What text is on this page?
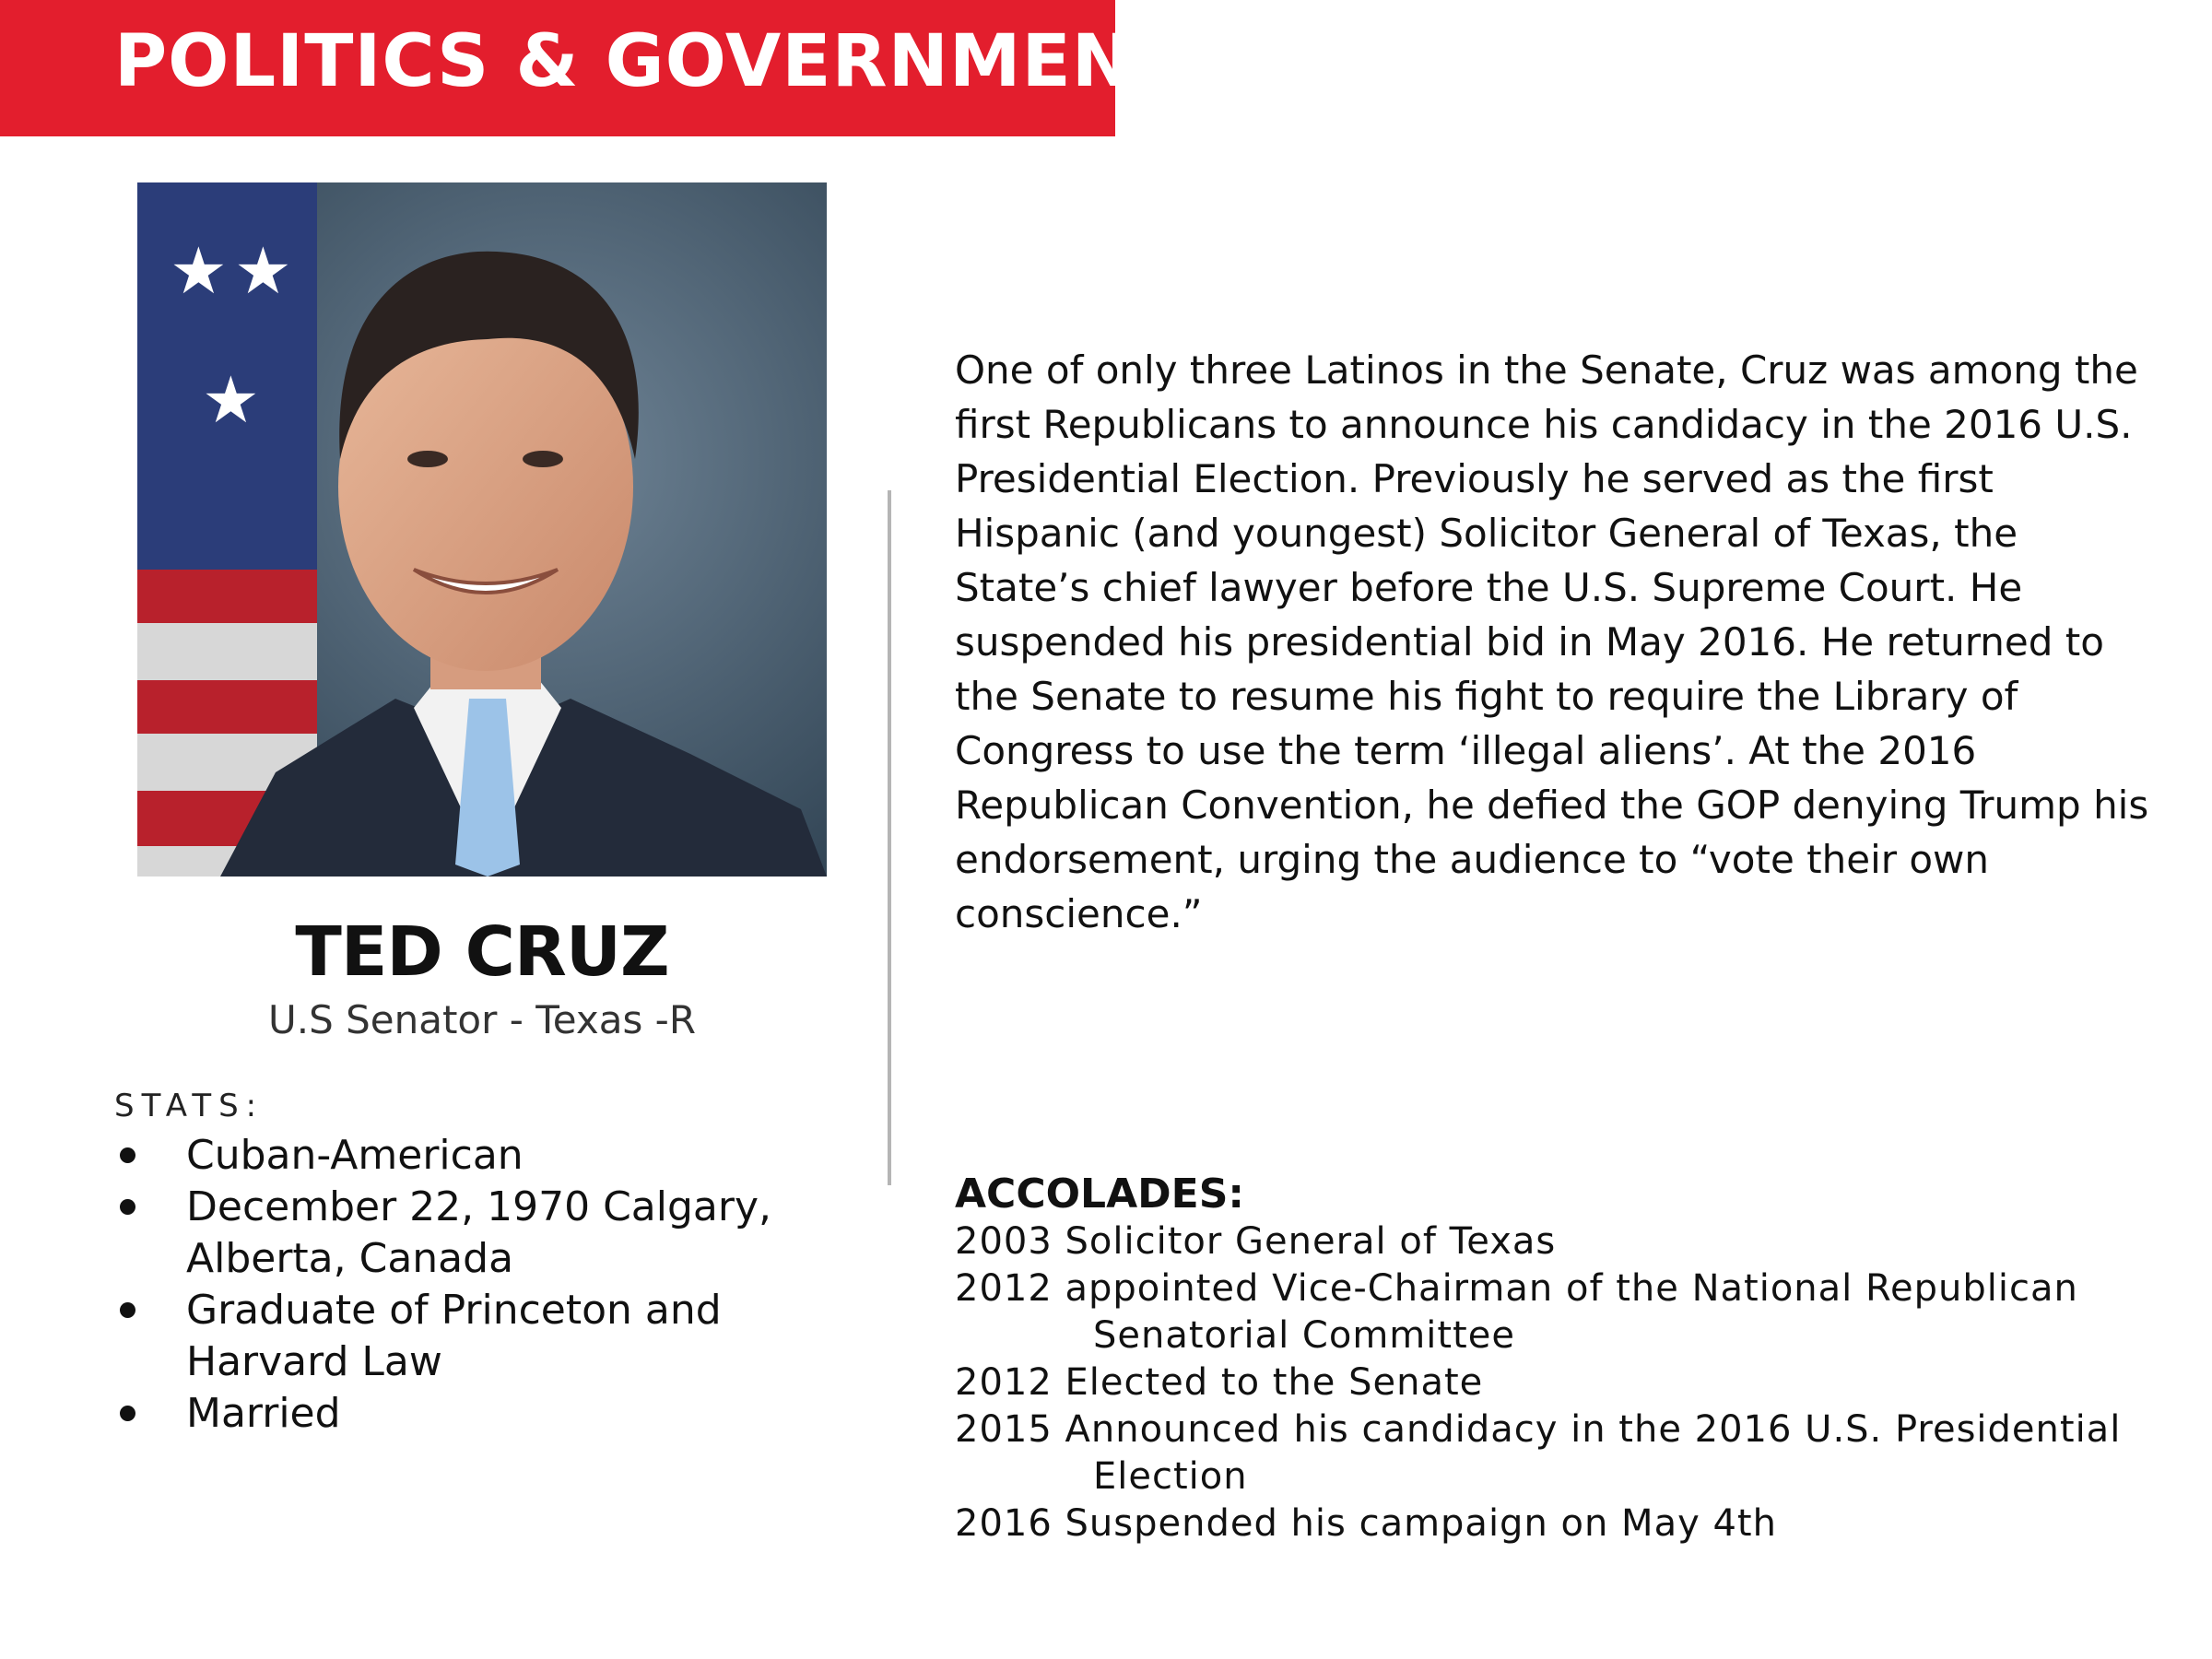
POLITICS & GOVERNMENT
★ ★
★
TED CRUZ
U.S Senator - Texas -R
STATS:
Cuban-American
December 22, 1970 Calgary, Alberta, Canada
Graduate of Princeton and Harvard Law
Married

One of only three Latinos in the Senate, Cruz was among the first Republicans to announce his candidacy in the 2016 U.S. Presidential Election. Previously he served as the first Hispanic (and youngest) Solicitor General of Texas, the State’s chief lawyer before the U.S. Supreme Court. He suspended his presidential bid in May 2016. He returned to the Senate to resume his fight to require the Library of Congress to use the term ‘illegal aliens’. At the 2016 Republican Convention, he defied the GOP denying Trump his endorsement, urging the audience to “vote their own conscience.”

ACCOLADES:
2003 Solicitor General of Texas
2012 appointed Vice-Chairman of the National Republican Senatorial Committee
2012 Elected to the Senate
2015 Announced his candidacy in the 2016 U.S. Presidential Election
2016 Suspended his campaign on May 4th
